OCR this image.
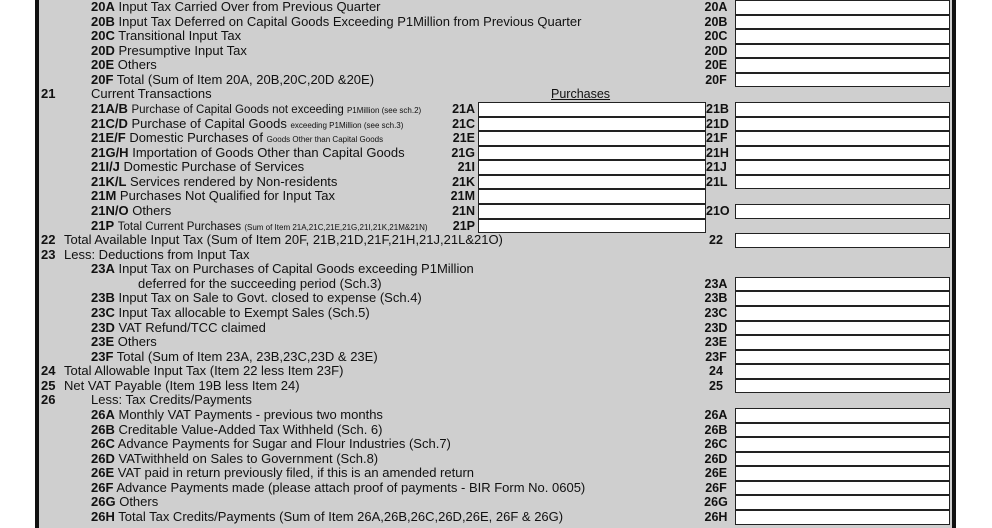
20A Input Tax Carried Over from Previous Quarter	20A
20B Input Tax Deferred on Capital Goods Exceeding P1Million from Previous Quarter	20B
20C Transitional Input Tax	20C
20D Presumptive Input Tax	20D
20E Others	20E
20F Total (Sum of Item 20A, 20B,20C,20D &20E)	20F
21	Current Transactions	Purchases
21A/B Purchase of Capital Goods not exceeding P1Million (see sch.2)	21A	21B
21C/D Purchase of Capital Goods exceeding P1Million (see sch.3)	21C	21D
21E/F Domestic Purchases of Goods Other than Capital Goods	21E	21F
21G/H Importation of Goods Other than Capital Goods	21G	21H
21I/J Domestic Purchase of Services	21I	21J
21K/L Services rendered by Non-residents	21K	21L
21M Purchases Not Qualified for Input Tax	21M
21N/O Others	21N	21O
21P Total Current Purchases (Sum of Item 21A,21C,21E,21G,21I,21K,21M&21N)	21P
22 Total Available Input Tax (Sum of Item 20F, 21B,21D,21F,21H,21J,21L&21O)	22
23 Less: Deductions from Input Tax
23A Input Tax on Purchases of Capital Goods exceeding P1Million
deferred for the succeeding period (Sch.3)	23A
23B Input Tax on Sale to Govt. closed to expense (Sch.4)	23B
23C Input Tax allocable to Exempt Sales (Sch.5)	23C
23D VAT Refund/TCC claimed	23D
23E Others	23E
23F Total (Sum of Item 23A, 23B,23C,23D & 23E)	23F
24 Total Allowable Input Tax (Item 22 less Item 23F)	24
25 Net VAT Payable (Item 19B less Item 24)	25
26	Less: Tax Credits/Payments
26A Monthly VAT Payments - previous two months	26A
26B Creditable Value-Added Tax Withheld (Sch. 6)	26B
26C Advance Payments for Sugar and Flour Industries (Sch.7)	26C
26D VATwithheld on Sales to Government (Sch.8)	26D
26E VAT paid in return previously filed, if this is an amended return	26E
26F Advance Payments made (please attach proof of payments - BIR Form No. 0605)	26F
26G Others	26G
26H Total Tax Credits/Payments (Sum of Item 26A,26B,26C,26D,26E, 26F & 26G)	26H
